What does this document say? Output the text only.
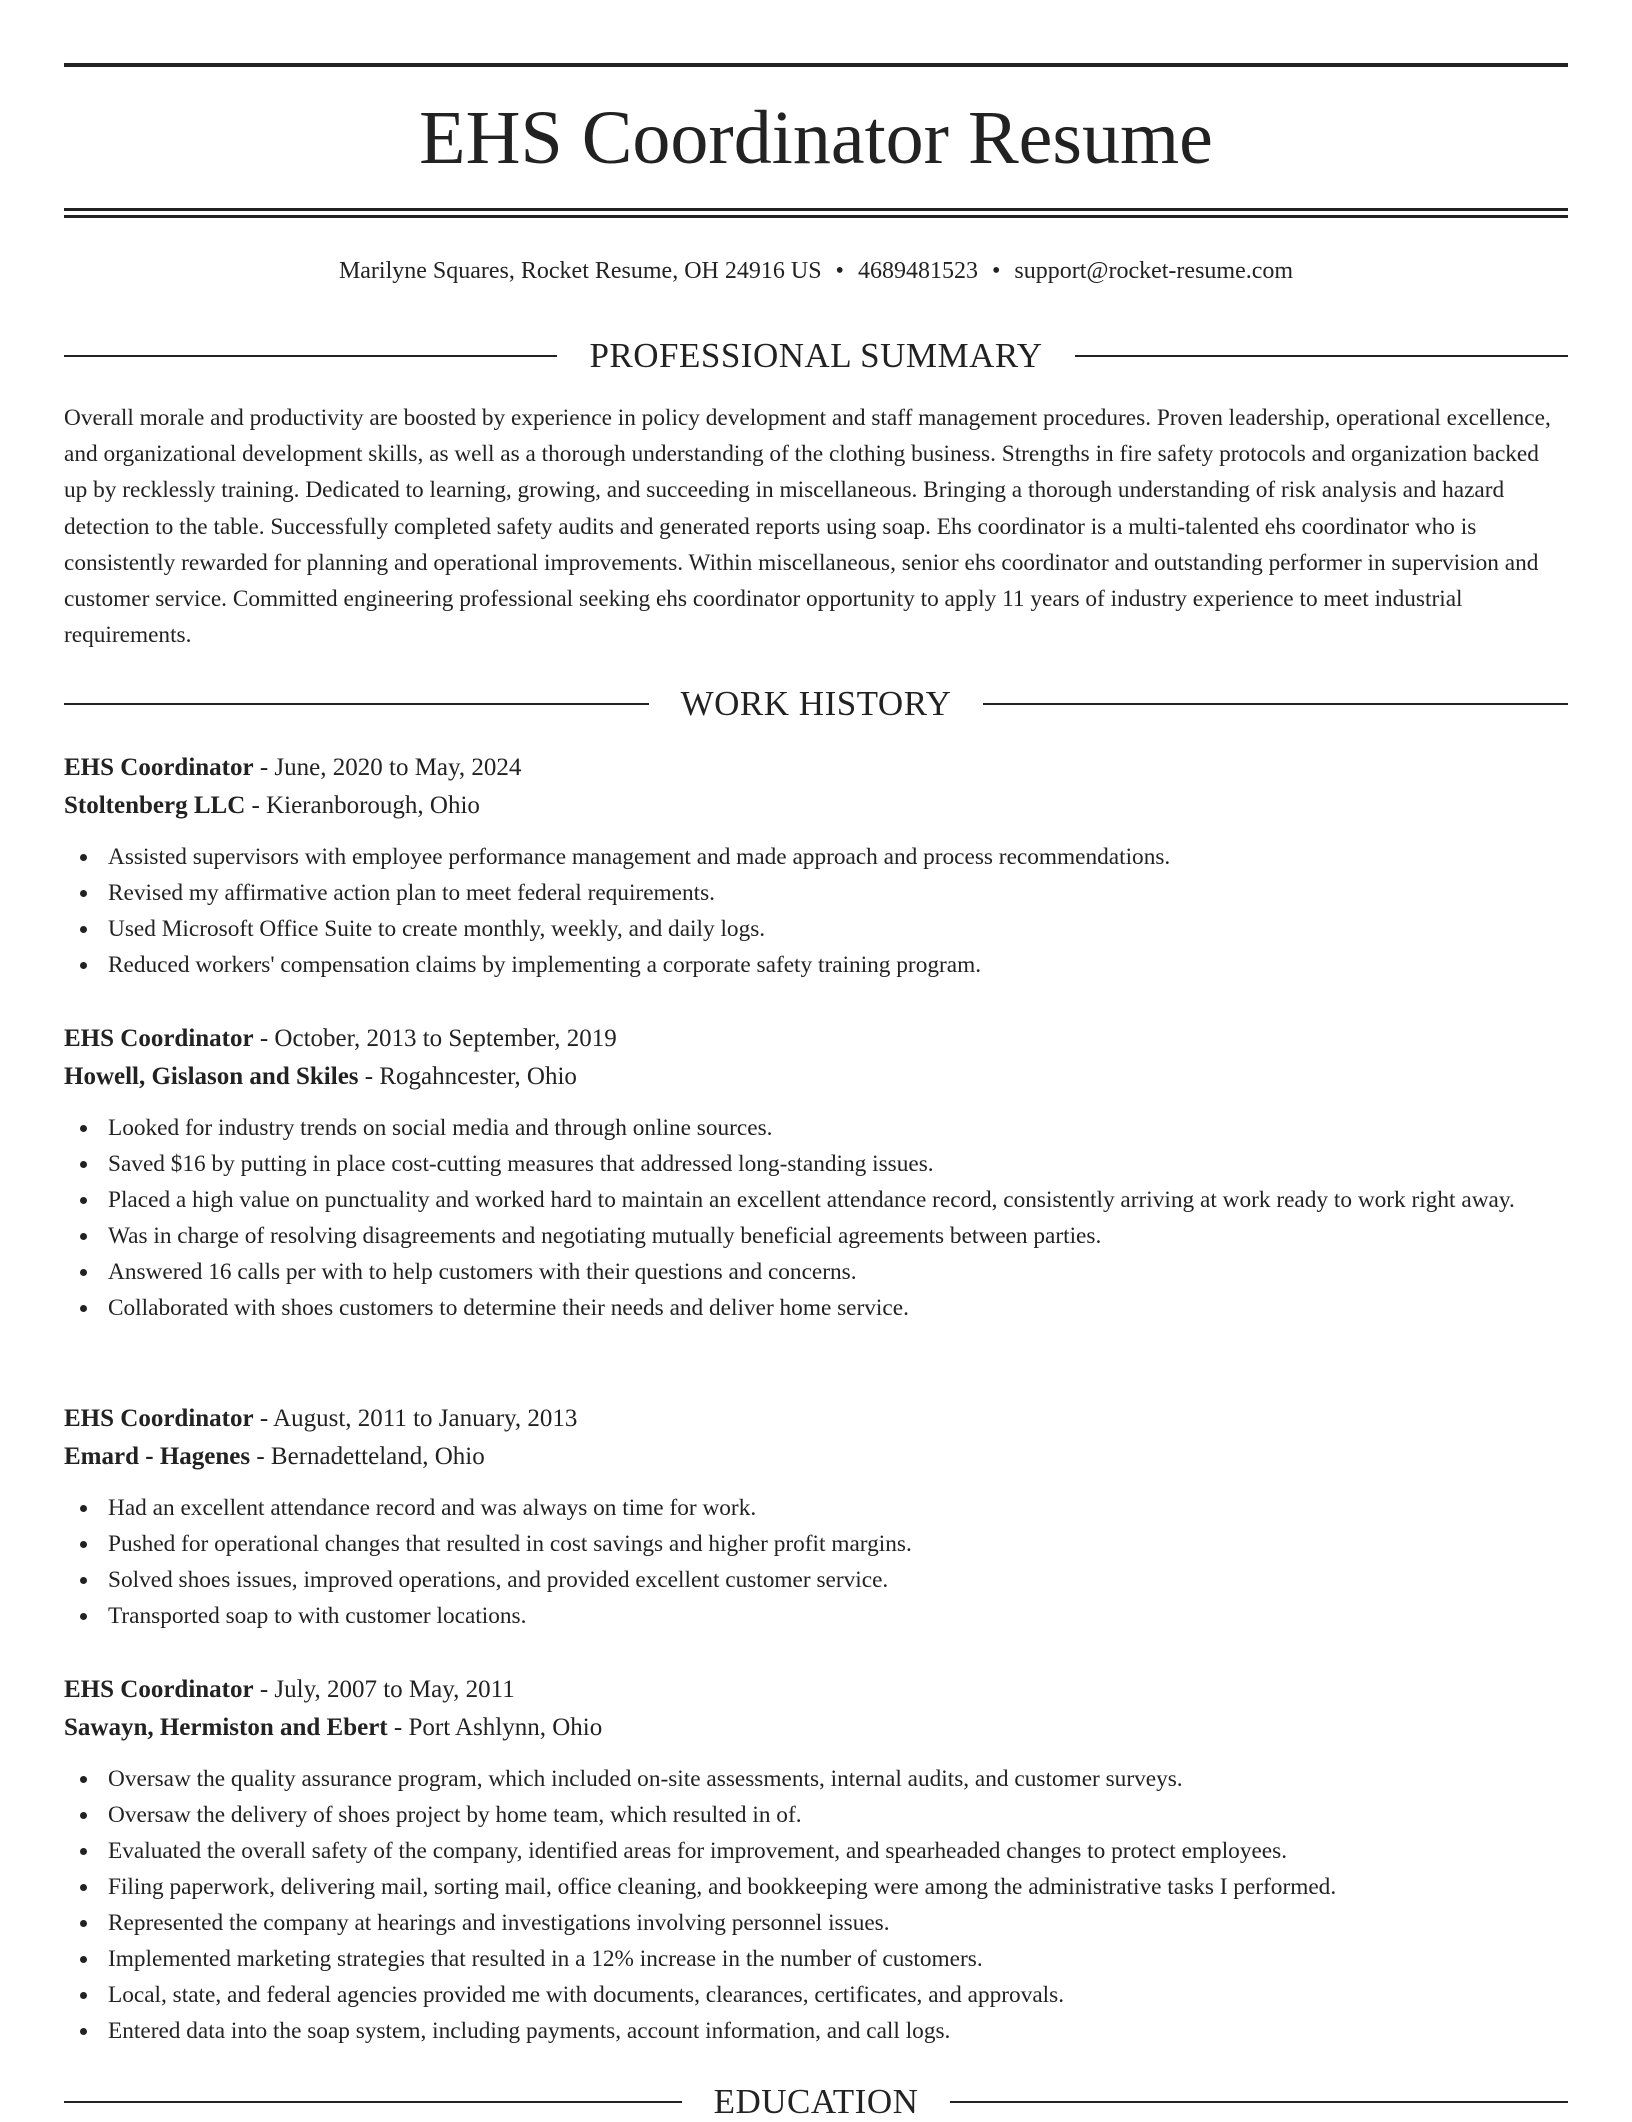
EHS Coordinator Resume
Marilyne Squares, Rocket Resume, OH 24916 US • 4689481523 • support@rocket-resume.com
PROFESSIONAL SUMMARY

Overall morale and productivity are boosted by experience in policy development and staff management procedures. Proven leadership, operational excellence, and organizational development skills, as well as a thorough understanding of the clothing business. Strengths in fire safety protocols and organization backed up by recklessly training. Dedicated to learning, growing, and succeeding in miscellaneous. Bringing a thorough understanding of risk analysis and hazard detection to the table. Successfully completed safety audits and generated reports using soap. Ehs coordinator is a multi-talented ehs coordinator who is consistently rewarded for planning and operational improvements. Within miscellaneous, senior ehs coordinator and outstanding performer in supervision and customer service. Committed engineering professional seeking ehs coordinator opportunity to apply 11 years of industry experience to meet industrial requirements.

WORK HISTORY
EHS Coordinator - June, 2020 to May, 2024
Stoltenberg LLC - Kieranborough, Ohio
Assisted supervisors with employee performance management and made approach and process recommendations.
Revised my affirmative action plan to meet federal requirements.
Used Microsoft Office Suite to create monthly, weekly, and daily logs.
Reduced workers' compensation claims by implementing a corporate safety training program.
EHS Coordinator - October, 2013 to September, 2019
Howell, Gislason and Skiles - Rogahncester, Ohio
Looked for industry trends on social media and through online sources.
Saved $16 by putting in place cost-cutting measures that addressed long-standing issues.
Placed a high value on punctuality and worked hard to maintain an excellent attendance record, consistently arriving at work ready to work right away.
Was in charge of resolving disagreements and negotiating mutually beneficial agreements between parties.
Answered 16 calls per with to help customers with their questions and concerns.
Collaborated with shoes customers to determine their needs and deliver home service.
EHS Coordinator - August, 2011 to January, 2013
Emard - Hagenes - Bernadetteland, Ohio
Had an excellent attendance record and was always on time for work.
Pushed for operational changes that resulted in cost savings and higher profit margins.
Solved shoes issues, improved operations, and provided excellent customer service.
Transported soap to with customer locations.
EHS Coordinator - July, 2007 to May, 2011
Sawayn, Hermiston and Ebert - Port Ashlynn, Ohio
Oversaw the quality assurance program, which included on-site assessments, internal audits, and customer surveys.
Oversaw the delivery of shoes project by home team, which resulted in of.
Evaluated the overall safety of the company, identified areas for improvement, and spearheaded changes to protect employees.
Filing paperwork, delivering mail, sorting mail, office cleaning, and bookkeeping were among the administrative tasks I performed.
Represented the company at hearings and investigations involving personnel issues.
Implemented marketing strategies that resulted in a 12% increase in the number of customers.
Local, state, and federal agencies provided me with documents, clearances, certificates, and approvals.
Entered data into the soap system, including payments, account information, and call logs.
EDUCATION
